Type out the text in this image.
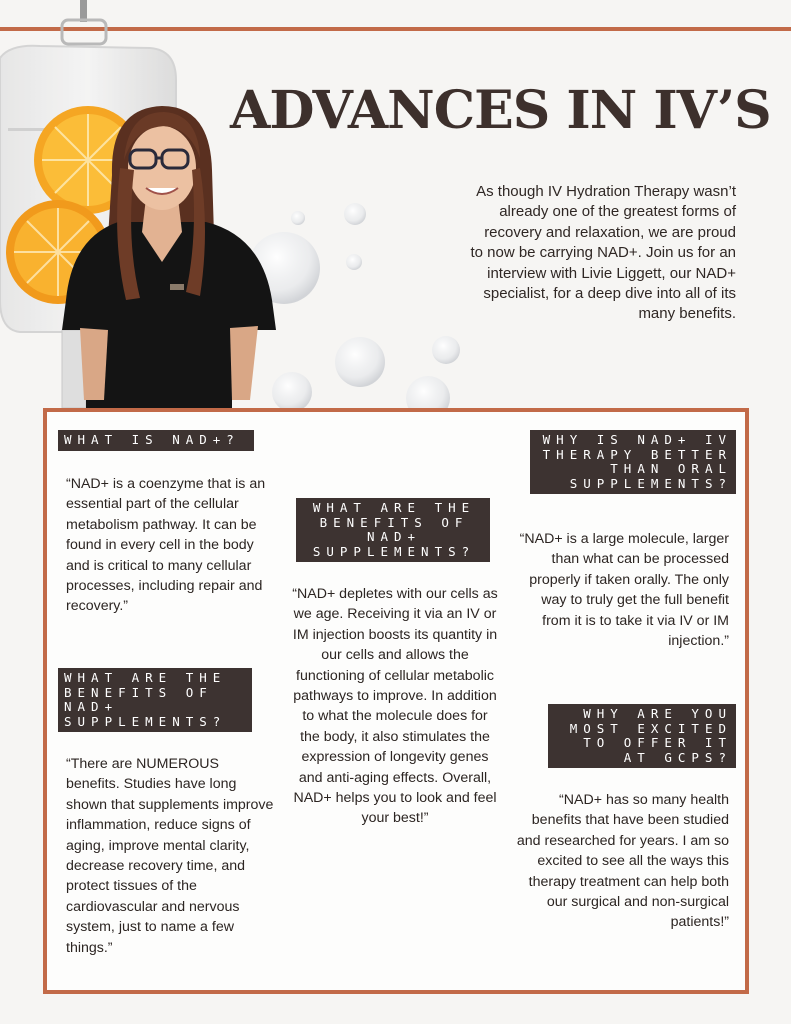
ADVANCES IN IV’S
As though IV Hydration Therapy wasn’t already one of the greatest forms of recovery and relaxation, we are proud to now be carrying NAD+. Join us for an interview with Livie Liggett, our NAD+ specialist, for a deep dive into all of its many benefits.
WHAT IS NAD+?
“NAD+ is a coenzyme that is an essential part of the cellular metabolism pathway. It can be found in every cell in the body and is critical to many cellular processes, including repair and recovery.”
WHAT ARE THE BENEFITS OF NAD+ SUPPLEMENTS?
“There are NUMEROUS benefits. Studies have long shown that supplements improve inflammation, reduce signs of aging, improve mental clarity, decrease recovery time, and protect tissues of the cardiovascular and nervous system, just to name a few things.”
WHAT ARE THE BENEFITS OF NAD+ SUPPLEMENTS?
“NAD+ depletes with our cells as we age. Receiving it via an IV or IM injection boosts its quantity in our cells and allows the functioning of cellular metabolic pathways to improve. In addition to what the molecule does for the body, it also stimulates the expression of longevity genes and anti-aging effects. Overall, NAD+ helps you to look and feel your best!”
WHY IS NAD+ IV THERAPY BETTER THAN ORAL SUPPLEMENTS?
“NAD+ is a large molecule, larger than what can be processed properly if taken orally. The only way to truly get the full benefit from it is to take it via IV or IM injection.”
WHY ARE YOU MOST EXCITED TO OFFER IT AT GCPS?
“NAD+ has so many health benefits that have been studied and researched for years. I am so excited to see all the ways this therapy treatment can help both our surgical and non-surgical patients!”
